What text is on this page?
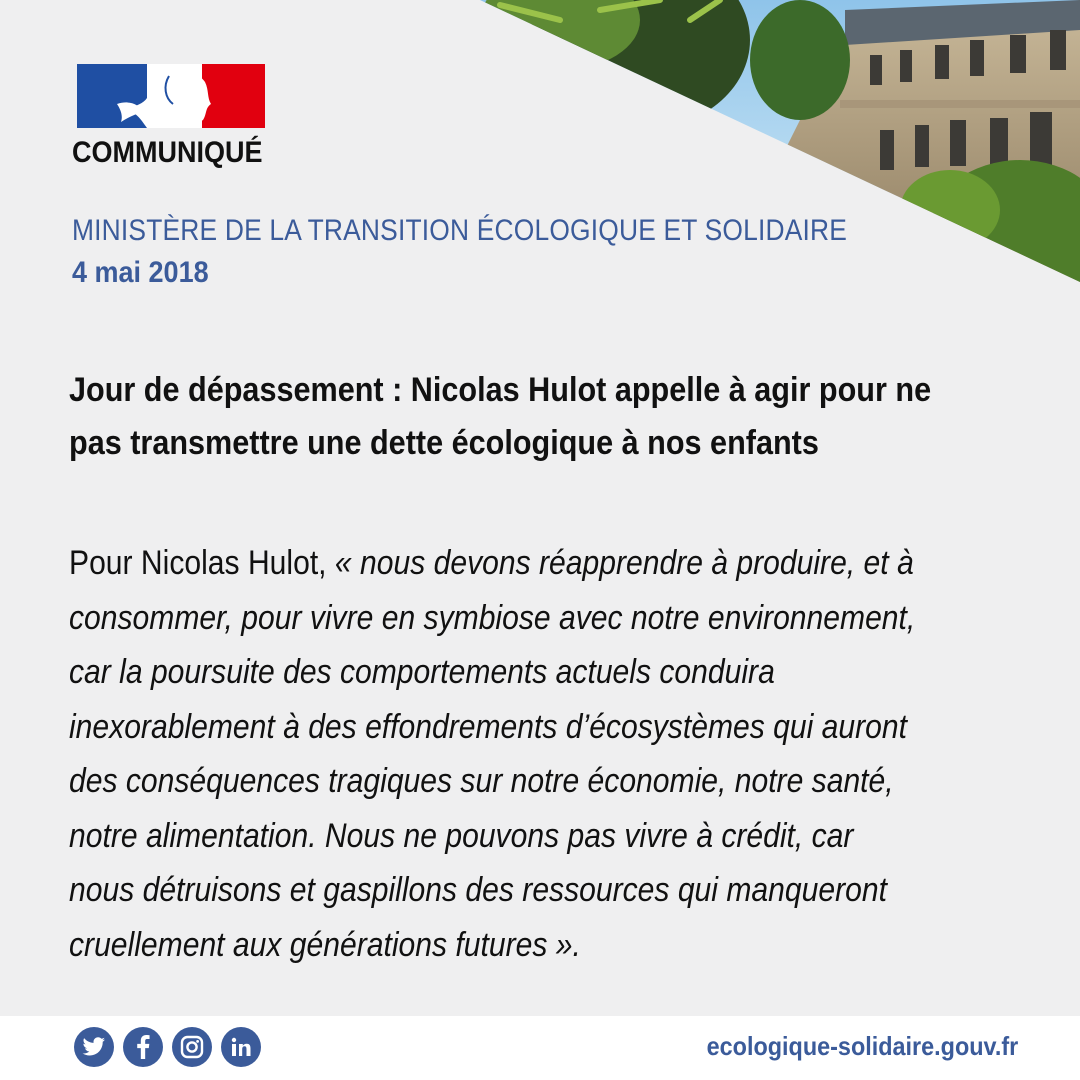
COMMUNIQUÉ
MINISTÈRE DE LA TRANSITION ÉCOLOGIQUE ET SOLIDAIRE
4 mai 2018
Jour de dépassement : Nicolas Hulot appelle à agir pour ne
pas transmettre une dette écologique à nos enfants
Pour Nicolas Hulot, « nous devons réapprendre à produire, et à
consommer, pour vivre en symbiose avec notre environnement,
car la poursuite des comportements actuels conduira
inexorablement à des effondrements d’écosystèmes qui auront
des conséquences tragiques sur notre économie, notre santé,
notre alimentation. Nous ne pouvons pas vivre à crédit, car
nous détruisons et gaspillons des ressources qui manqueront
cruellement aux générations futures ».
ecologique-solidaire.gouv.fr
